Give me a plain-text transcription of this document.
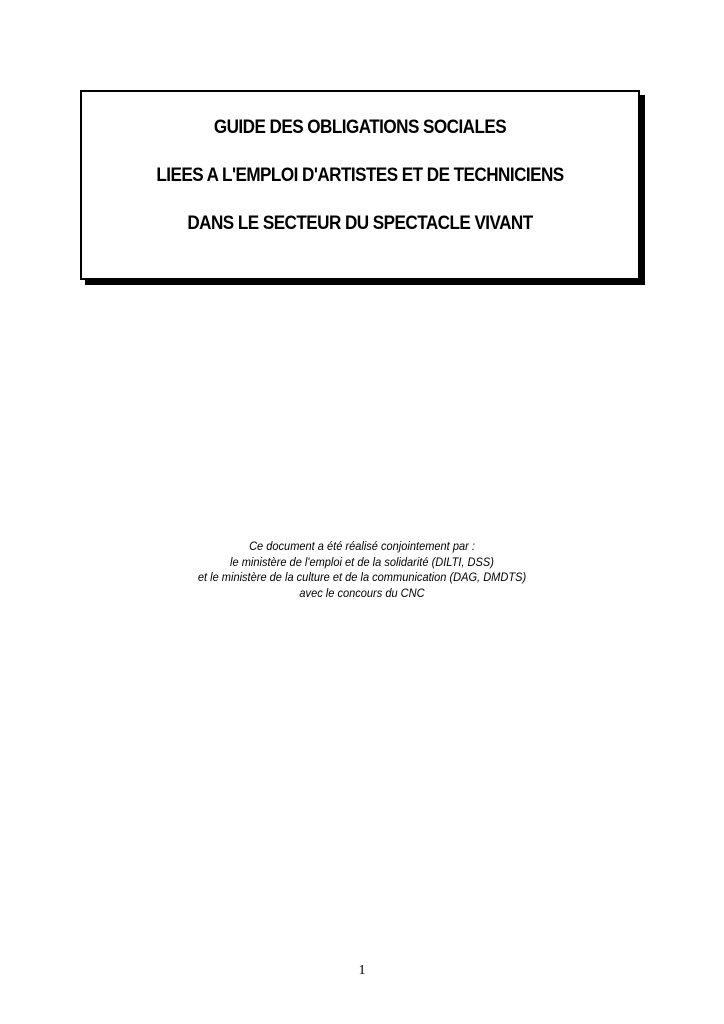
GUIDE DES OBLIGATIONS SOCIALES
LIEES A L'EMPLOI D'ARTISTES ET DE TECHNICIENS
DANS LE SECTEUR DU SPECTACLE VIVANT
Ce document a été réalisé conjointement par :
le ministère de l'emploi et de la solidarité (DILTI, DSS)
et le ministère de la culture et de la communication (DAG, DMDTS)
avec le concours du CNC
1
